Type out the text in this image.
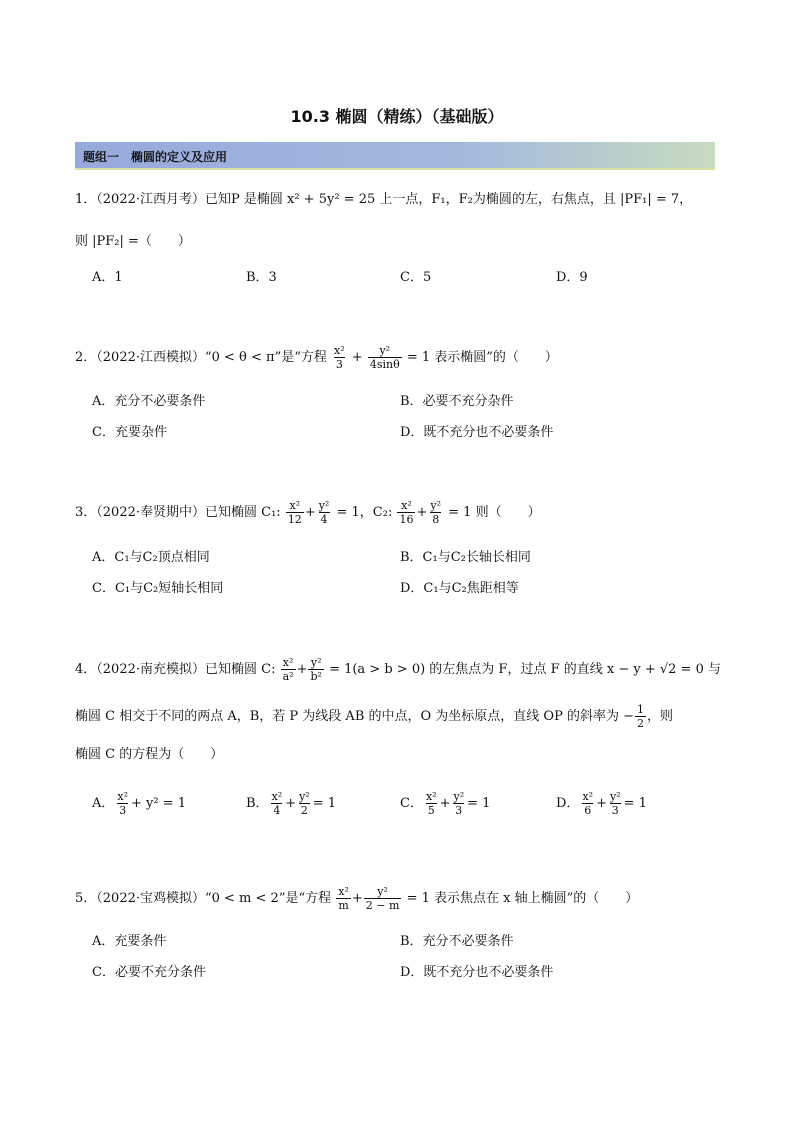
10.3 椭圆（精练）（基础版）
题组一　椭圆的定义及应用
1．（2022·江西月考）已知P 是椭圆 x² + 5y² = 25 上一点，F₁，F₂为椭圆的左，右焦点，且 |PF₁| = 7，
则 |PF₂| =（　　）
A．1	B．3	C．5	D．9
2．（2022·江西模拟）“0 < θ < π”是“方程 $\frac{\text{x²}}{3} + \frac{\text{y²}}{4\sin\theta} = 1$ 表示椭圆”的（　　）
A．充分不必要条件	B．必要不充分杂件
C．充要杂件	D．既不充分也不必要条件
3．（2022·奉贤期中）已知椭圆 C₁: $\frac{\text{x²}}{12} + \frac{\text{y²}}{4} = 1$，C₂: $\frac{\text{x²}}{16} + \frac{\text{y²}}{8} = 1$ 则（　　）
A．C₁与C₂顶点相同	B．C₁与C₂长轴长相同
C．C₁与C₂短轴长相同	D．C₁与C₂焦距相等
4．（2022·南充模拟）已知椭圆 C: $\frac{\text{x²}}{\text{a²}} + \frac{\text{y²}}{\text{b²}} = 1(a > b > 0)$ 的左焦点为 F，过点 F 的直线 x − y + √2 = 0 与
椭圆 C 相交于不同的两点 A，B，若 P 为线段 AB 的中点，O 为坐标原点，直线 OP 的斜率为 − $\frac{1}{2}$ ，则
椭圆 C 的方程为（　　）
A． $\frac{\text{x²}}{3} + y^2 = 1$	B． $\frac{\text{x²}}{4} + \frac{\text{y²}}{2} = 1$	C． $\frac{\text{x²}}{5} + \frac{\text{y²}}{3} = 1$	D． $\frac{\text{x²}}{6} + \frac{\text{y²}}{3} = 1$
5．（2022·宝鸡模拟）“0 < m < 2”是“方程 $\frac{\text{x²}}{m} + \frac{\text{y²}}{2 - m} = 1$ 表示焦点在 x 轴上椭圆”的（　　）
A．充要条件	B．充分不必要条件
C．必要不充分条件	D．既不充分也不必要条件
